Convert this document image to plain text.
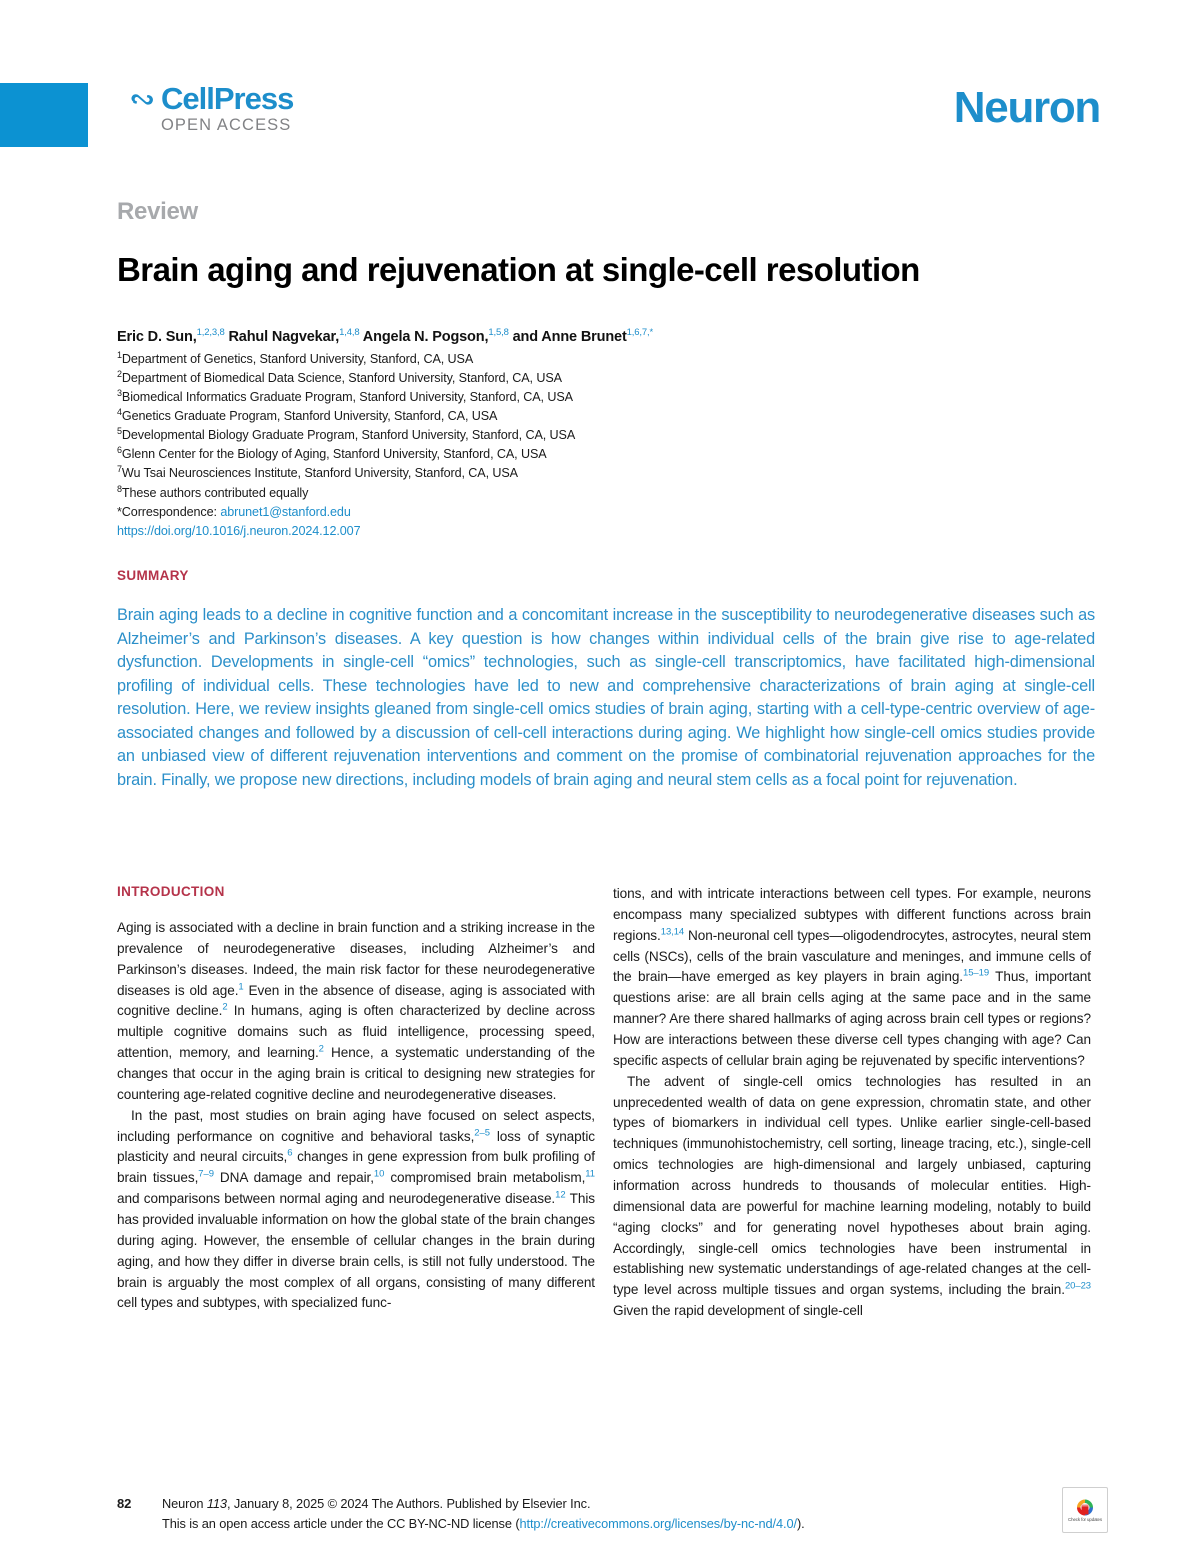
CellPress
OPEN ACCESS	Neuron
Review
Brain aging and rejuvenation at single-cell resolution
Eric D. Sun,$^{1,2,3,8}$ Rahul Nagvekar,$^{1,4,8}$ Angela N. Pogson,$^{1,5,8}$ and Anne Brunet$^{1,6,7,*}$
$^1$Department of Genetics, Stanford University, Stanford, CA, USA
$^2$Department of Biomedical Data Science, Stanford University, Stanford, CA, USA
$^3$Biomedical Informatics Graduate Program, Stanford University, Stanford, CA, USA
$^4$Genetics Graduate Program, Stanford University, Stanford, CA, USA
$^5$Developmental Biology Graduate Program, Stanford University, Stanford, CA, USA
$^6$Glenn Center for the Biology of Aging, Stanford University, Stanford, CA, USA
$^7$Wu Tsai Neurosciences Institute, Stanford University, Stanford, CA, USA
$^8$These authors contributed equally
*Correspondence: abrunet1@stanford.edu
https://doi.org/10.1016/j.neuron.2024.12.007
SUMMARY
Brain aging leads to a decline in cognitive function and a concomitant increase in the susceptibility to neurodegenerative diseases such as Alzheimer’s and Parkinson’s diseases. A key question is how changes within individual cells of the brain give rise to age-related dysfunction. Developments in single-cell “omics” technologies, such as single-cell transcriptomics, have facilitated high-dimensional profiling of individual cells. These technologies have led to new and comprehensive characterizations of brain aging at single-cell resolution. Here, we review insights gleaned from single-cell omics studies of brain aging, starting with a cell-type-centric overview of age-associated changes and followed by a discussion of cell-cell interactions during aging. We highlight how single-cell omics studies provide an unbiased view of different rejuvenation interventions and comment on the promise of combinatorial rejuvenation approaches for the brain. Finally, we propose new directions, including models of brain aging and neural stem cells as a focal point for rejuvenation.
INTRODUCTION

Aging is associated with a decline in brain function and a striking increase in the prevalence of neurodegenerative diseases, including Alzheimer’s and Parkinson’s diseases. Indeed, the main risk factor for these neurodegenerative diseases is old age.$^1$ Even in the absence of disease, aging is associated with cognitive decline.$^2$ In humans, aging is often characterized by decline across multiple cognitive domains such as fluid intelligence, processing speed, attention, memory, and learning.$^2$ Hence, a systematic understanding of the changes that occur in the aging brain is critical to designing new strategies for countering age-related cognitive decline and neurodegenerative diseases.

In the past, most studies on brain aging have focused on select aspects, including performance on cognitive and behavioral tasks,$^{2-5}$ loss of synaptic plasticity and neural circuits,$^6$ changes in gene expression from bulk profiling of brain tissues,$^{7-9}$ DNA damage and repair,$^{10}$ compromised brain metabolism,$^{11}$ and comparisons between normal aging and neurodegenerative disease.$^{12}$ This has provided invaluable information on how the global state of the brain changes during aging. However, the ensemble of cellular changes in the brain during aging, and how they differ in diverse brain cells, is still not fully understood. The brain is arguably the most complex of all organs, consisting of many different cell types and subtypes, with specialized func-

tions, and with intricate interactions between cell types. For example, neurons encompass many specialized subtypes with different functions across brain regions.$^{13,14}$ Non-neuronal cell types—oligodendrocytes, astrocytes, neural stem cells (NSCs), cells of the brain vasculature and meninges, and immune cells of the brain—have emerged as key players in brain aging.$^{15-19}$ Thus, important questions arise: are all brain cells aging at the same pace and in the same manner? Are there shared hallmarks of aging across brain cell types or regions? How are interactions between these diverse cell types changing with age? Can specific aspects of cellular brain aging be rejuvenated by specific interventions?

The advent of single-cell omics technologies has resulted in an unprecedented wealth of data on gene expression, chromatin state, and other types of biomarkers in individual cell types. Unlike earlier single-cell-based techniques (immunohistochemistry, cell sorting, lineage tracing, etc.), single-cell omics technologies are high-dimensional and largely unbiased, capturing information across hundreds to thousands of molecular entities. High-dimensional data are powerful for machine learning modeling, notably to build “aging clocks” and for generating novel hypotheses about brain aging. Accordingly, single-cell omics technologies have been instrumental in establishing new systematic understandings of age-related changes at the cell-type level across multiple tissues and organ systems, including the brain.$^{20-23}$ Given the rapid development of single-cell

82 Neuron 113, January 8, 2025 © 2024 The Authors. Published by Elsevier Inc.
This is an open access article under the CC BY-NC-ND license (http://creativecommons.org/licenses/by-nc-nd/4.0/).	Check for updates
